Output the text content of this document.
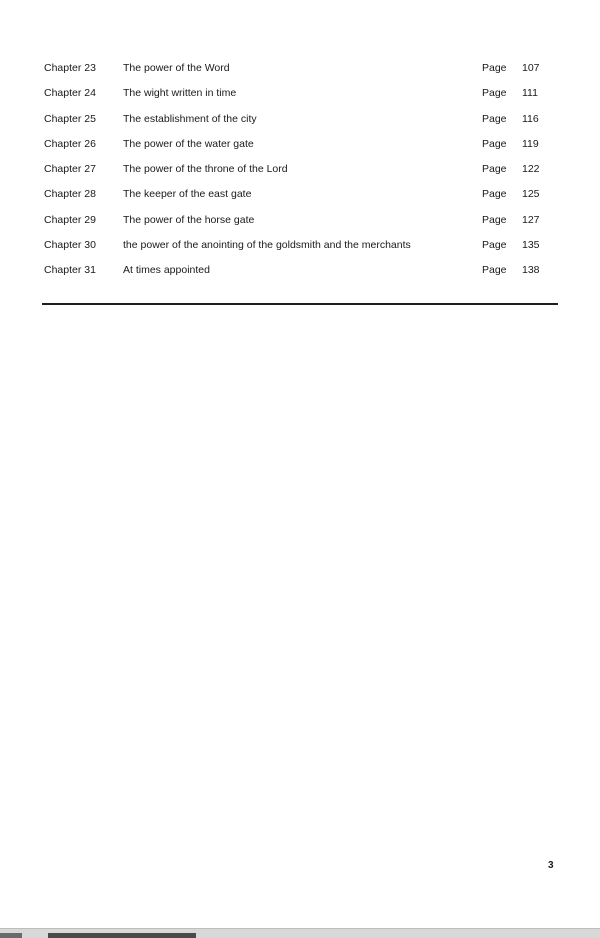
Chapter 23	The power of the Word	Page 107
Chapter 24	The wight written in time	Page 111
Chapter 25	The establishment of the city	Page 116
Chapter 26	The power of the water gate	Page 119
Chapter 27	The power of the throne of the Lord	Page 122
Chapter 28	The keeper of the east gate	Page 125
Chapter 29	The power of the horse gate	Page 127
Chapter 30	the power of the anointing of the goldsmith and the merchants	Page 135
Chapter 31	At times appointed	Page 138
3
